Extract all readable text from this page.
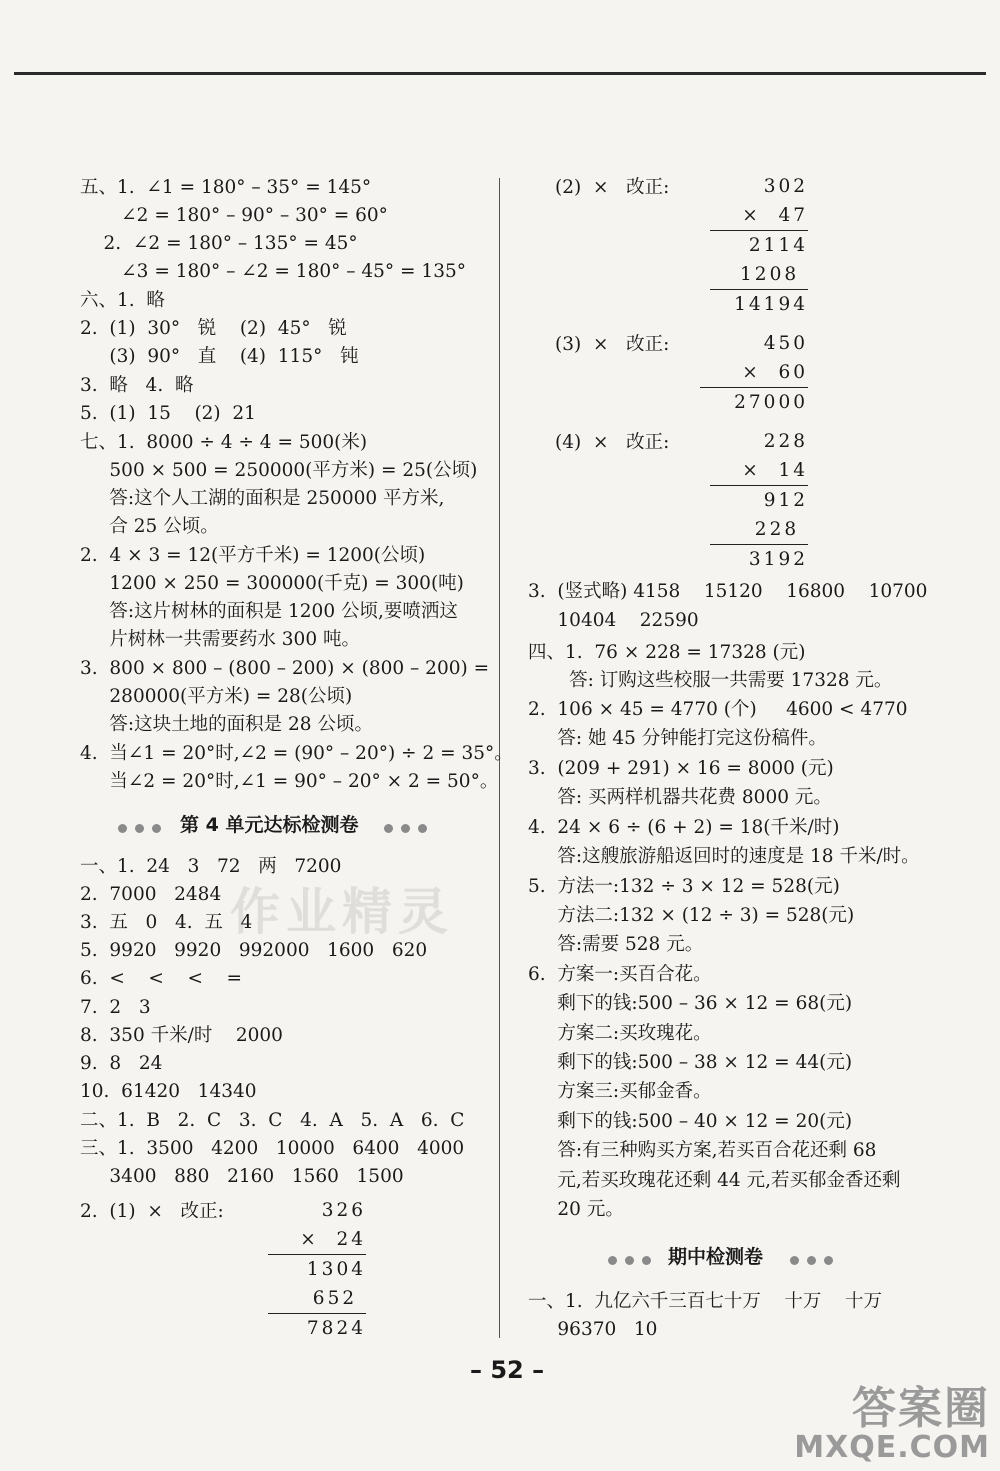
五、1.  ∠1 = 180° – 35° = 145°
∠2 = 180° – 90° – 30° = 60°
2.  ∠2 = 180° – 135° = 45°
∠3 = 180° – ∠2 = 180° – 45° = 135°
六、1.  略
2.  (1)  30°   锐    (2)  45°   锐
(3)  90°   直    (4)  115°   钝
3.  略   4.  略
5.  (1)  15    (2)  21
七、1.  8000 ÷ 4 ÷ 4 = 500(米)
500 × 500 = 250000(平方米) = 25(公顷)
答:这个人工湖的面积是 250000 平方米,
合 25 公顷。
2.  4 × 3 = 12(平方千米) = 1200(公顷)
1200 × 250 = 300000(千克) = 300(吨)
答:这片树林的面积是 1200 公顷,要喷洒这
片树林一共需要药水 300 吨。
3.  800 × 800 – (800 – 200) × (800 – 200) =
280000(平方米) = 28(公顷)
答:这块土地的面积是 28 公顷。
4.  当∠1 = 20°时,∠2 = (90° – 20°) ÷ 2 = 35°。
当∠2 = 20°时,∠1 = 90° – 20° × 2 = 50°。
第 4 单元达标检测卷
一、1.  24   3   72   两   7200
2.  7000   2484
3.  五   0   4.  五   4
5.  9920   9920   992000   1600   620
6.  <    <    <    =
7.  2   3
8.  350 千米/时    2000
9.  8   24
10.  61420   14340
二、1.  B   2.  C   3.  C   4.  A   5.  A   6.  C
三、1.  3500   4200   10000   6400   4000
3400   880   2160   1560   1500
2.  (1)  ×   改正:	326
×  24
1304
652
7824
(2)  ×   改正:	302
×  47
2114
1208
14194
(3)  ×   改正:	450
×  60
27000
(4)  ×   改正:	228
×  14
912
228
3192
3.  (竖式略) 4158    15120    16800    10700
10404    22590
四、1.  76 × 228 = 17328 (元)
答: 订购这些校服一共需要 17328 元。
2.  106 × 45 = 4770 (个)     4600 < 4770
答: 她 45 分钟能打完这份稿件。
3.  (209 + 291) × 16 = 8000 (元)
答: 买两样机器共花费 8000 元。
4.  24 × 6 ÷ (6 + 2) = 18(千米/时)
答:这艘旅游船返回时的速度是 18 千米/时。
5.  方法一:132 ÷ 3 × 12 = 528(元)
方法二:132 × (12 ÷ 3) = 528(元)
答:需要 528 元。
6.  方案一:买百合花。
剩下的钱:500 – 36 × 12 = 68(元)
方案二:买玫瑰花。
剩下的钱:500 – 38 × 12 = 44(元)
方案三:买郁金香。
剩下的钱:500 – 40 × 12 = 20(元)
答:有三种购买方案,若买百合花还剩 68
元,若买玫瑰花还剩 44 元,若买郁金香还剩
20 元。
期中检测卷
一、1.  九亿六千三百七十万    十万    十万
96370   10
作业精灵
– 52 –
答案圈
MXQE.COM
